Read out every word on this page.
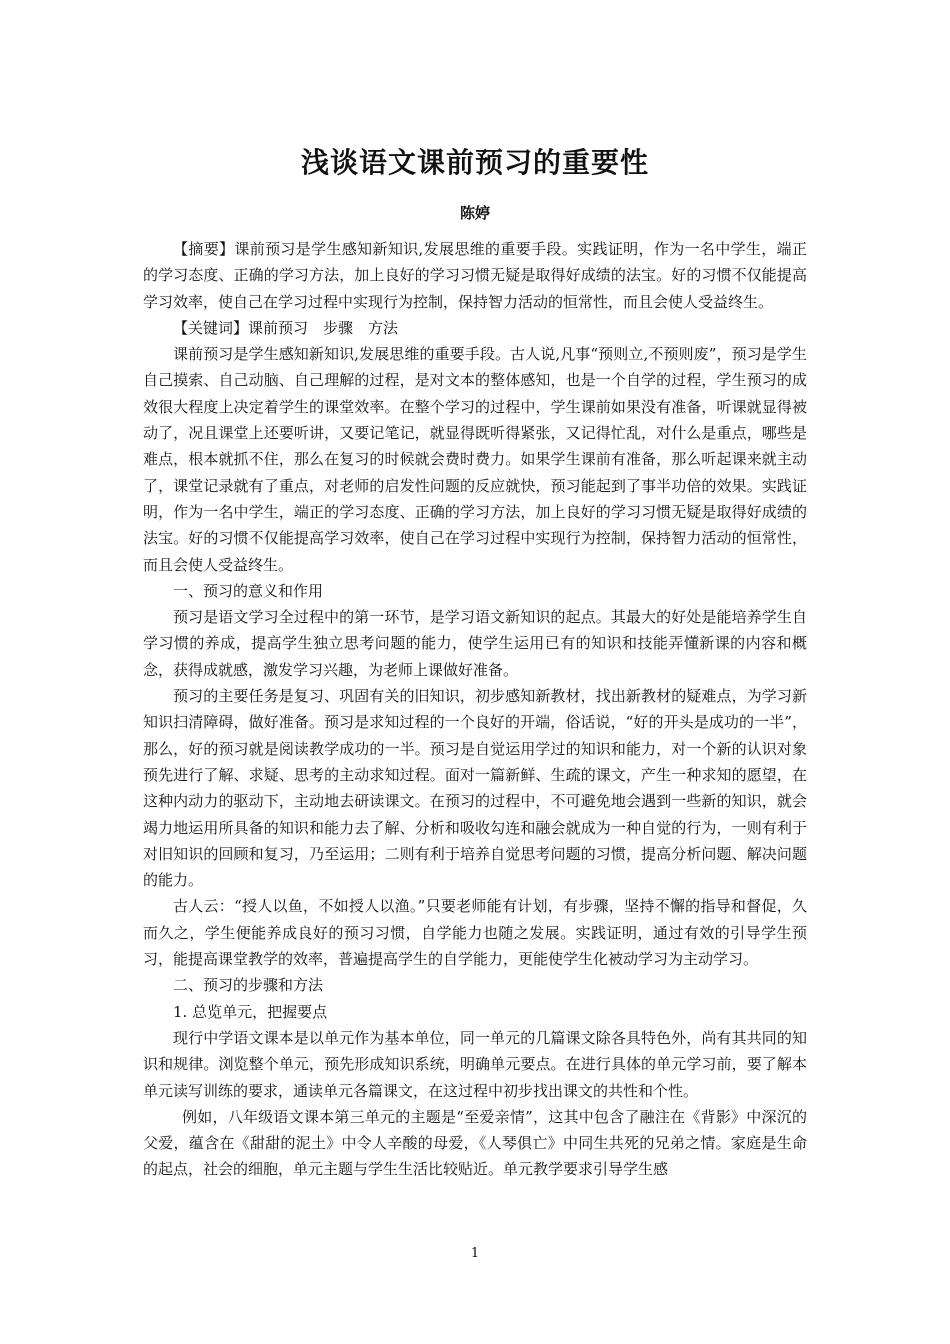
浅谈语文课前预习的重要性
陈婷

【摘要】课前预习是学生感知新知识,发展思维的重要手段。实践证明，作为一名中学生，端正的学习态度、正确的学习方法，加上良好的学习习惯无疑是取得好成绩的法宝。好的习惯不仅能提高学习效率，使自己在学习过程中实现行为控制，保持智力活动的恒常性，而且会使人受益终生。

【关键词】课前预习　步骤　方法

课前预习是学生感知新知识,发展思维的重要手段。古人说,凡事“预则立,不预则废”，预习是学生自己摸索、自己动脑、自己理解的过程，是对文本的整体感知，也是一个自学的过程，学生预习的成效很大程度上决定着学生的课堂效率。在整个学习的过程中，学生课前如果没有准备，听课就显得被动了，况且课堂上还要听讲，又要记笔记，就显得既听得紧张，又记得忙乱，对什么是重点，哪些是难点，根本就抓不住，那么在复习的时候就会费时费力。如果学生课前有准备，那么听起课来就主动了，课堂记录就有了重点，对老师的启发性问题的反应就快，预习能起到了事半功倍的效果。实践证明，作为一名中学生，端正的学习态度、正确的学习方法，加上良好的学习习惯无疑是取得好成绩的法宝。好的习惯不仅能提高学习效率，使自己在学习过程中实现行为控制，保持智力活动的恒常性，而且会使人受益终生。

一、预习的意义和作用

预习是语文学习全过程中的第一环节，是学习语文新知识的起点。其最大的好处是能培养学生自学习惯的养成，提高学生独立思考问题的能力，使学生运用已有的知识和技能弄懂新课的内容和概念，获得成就感，激发学习兴趣，为老师上课做好准备。

预习的主要任务是复习、巩固有关的旧知识，初步感知新教材，找出新教材的疑难点，为学习新知识扫清障碍，做好准备。预习是求知过程的一个良好的开端，俗话说，“好的开头是成功的一半”， 那么，好的预习就是阅读教学成功的一半。预习是自觉运用学过的知识和能力，对一个新的认识对象预先进行了解、求疑、思考的主动求知过程。面对一篇新鲜、生疏的课文，产生一种求知的愿望，在这种内动力的驱动下，主动地去研读课文。在预习的过程中，不可避免地会遇到一些新的知识，就会竭力地运用所具备的知识和能力去了解、分析和吸收勾连和融会就成为一种自觉的行为，一则有利于对旧知识的回顾和复习，乃至运用；二则有利于培养自觉思考问题的习惯，提高分析问题、解决问题的能力。

古人云：“授人以鱼，不如授人以渔。”只要老师能有计划，有步骤，坚持不懈的指导和督促，久而久之，学生便能养成良好的预习习惯，自学能力也随之发展。实践证明，通过有效的引导学生预习，能提高课堂教学的效率，普遍提高学生的自学能力，更能使学生化被动学习为主动学习。

二、预习的步骤和方法

1. 总览单元，把握要点

现行中学语文课本是以单元作为基本单位，同一单元的几篇课文除各具特色外，尚有其共同的知识和规律。浏览整个单元，预先形成知识系统，明确单元要点。在进行具体的单元学习前，要了解本单元读写训练的要求，通读单元各篇课文，在这过程中初步找出课文的共性和个性。

例如，八年级语文课本第三单元的主题是“至爱亲情”，这其中包含了融注在《背影》中深沉的父爱，蕴含在《甜甜的泥土》中令人辛酸的母爱，《人琴俱亡》中同生共死的兄弟之情。家庭是生命的起点，社会的细胞，单元主题与学生生活比较贴近。单元教学要求引导学生感

1
